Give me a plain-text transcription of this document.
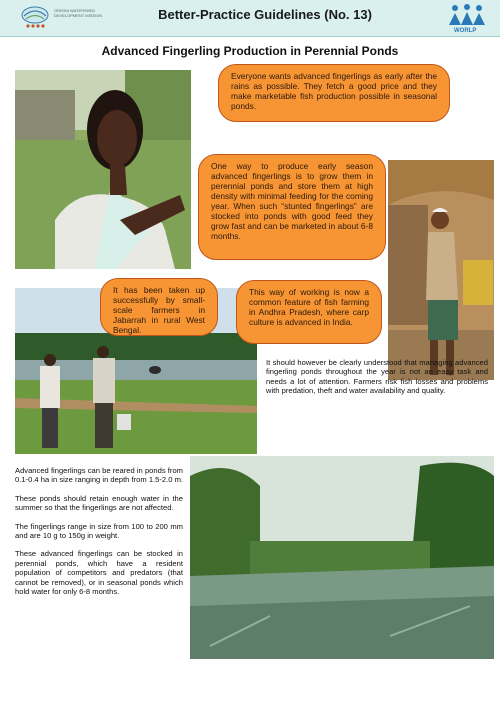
ORISSA WATERSHED DEVELOPMENT MISSION	Better-Practice Guidelines (No. 13)
WORLP
Advanced Fingerling Production in Perennial Ponds
Everyone wants advanced fingerlings as early after the rains as possible. They fetch a good price and they make marketable fish production possible in seasonal ponds.
One way to produce early season advanced fingerlings is to grow them in perennial ponds and store them at high density with minimal feeding for the coming year. When such “stunted fingerlings” are stocked into ponds with good feed they grow fast and can be marketed in about 6-8 months.
It has been taken up successfully by small-scale farmers in Jabarrah in rural West Bengal.
This way of working is now a common feature of fish farming in Andhra Pradesh, where carp culture is advanced in India.
It should however be clearly understood that managing advanced fingerling ponds throughout the year is not an easy task and needs a lot of attention. Farmers risk fish losses and problems with predation, theft and water availability and quality.

Advanced fingerlings can be reared in ponds from 0.1-0.4 ha in size ranging in depth from 1.5-2.0 m.

These ponds should retain enough water in the summer so that the fingerlings are not affected.

The fingerlings range in size from 100 to 200 mm and are 10 g to 150g in weight.

These advanced fingerlings can be stocked in perennial ponds, which have a resident population of competitors and predators (that cannot be removed), or in seasonal ponds which hold water for only 6-8 months.
